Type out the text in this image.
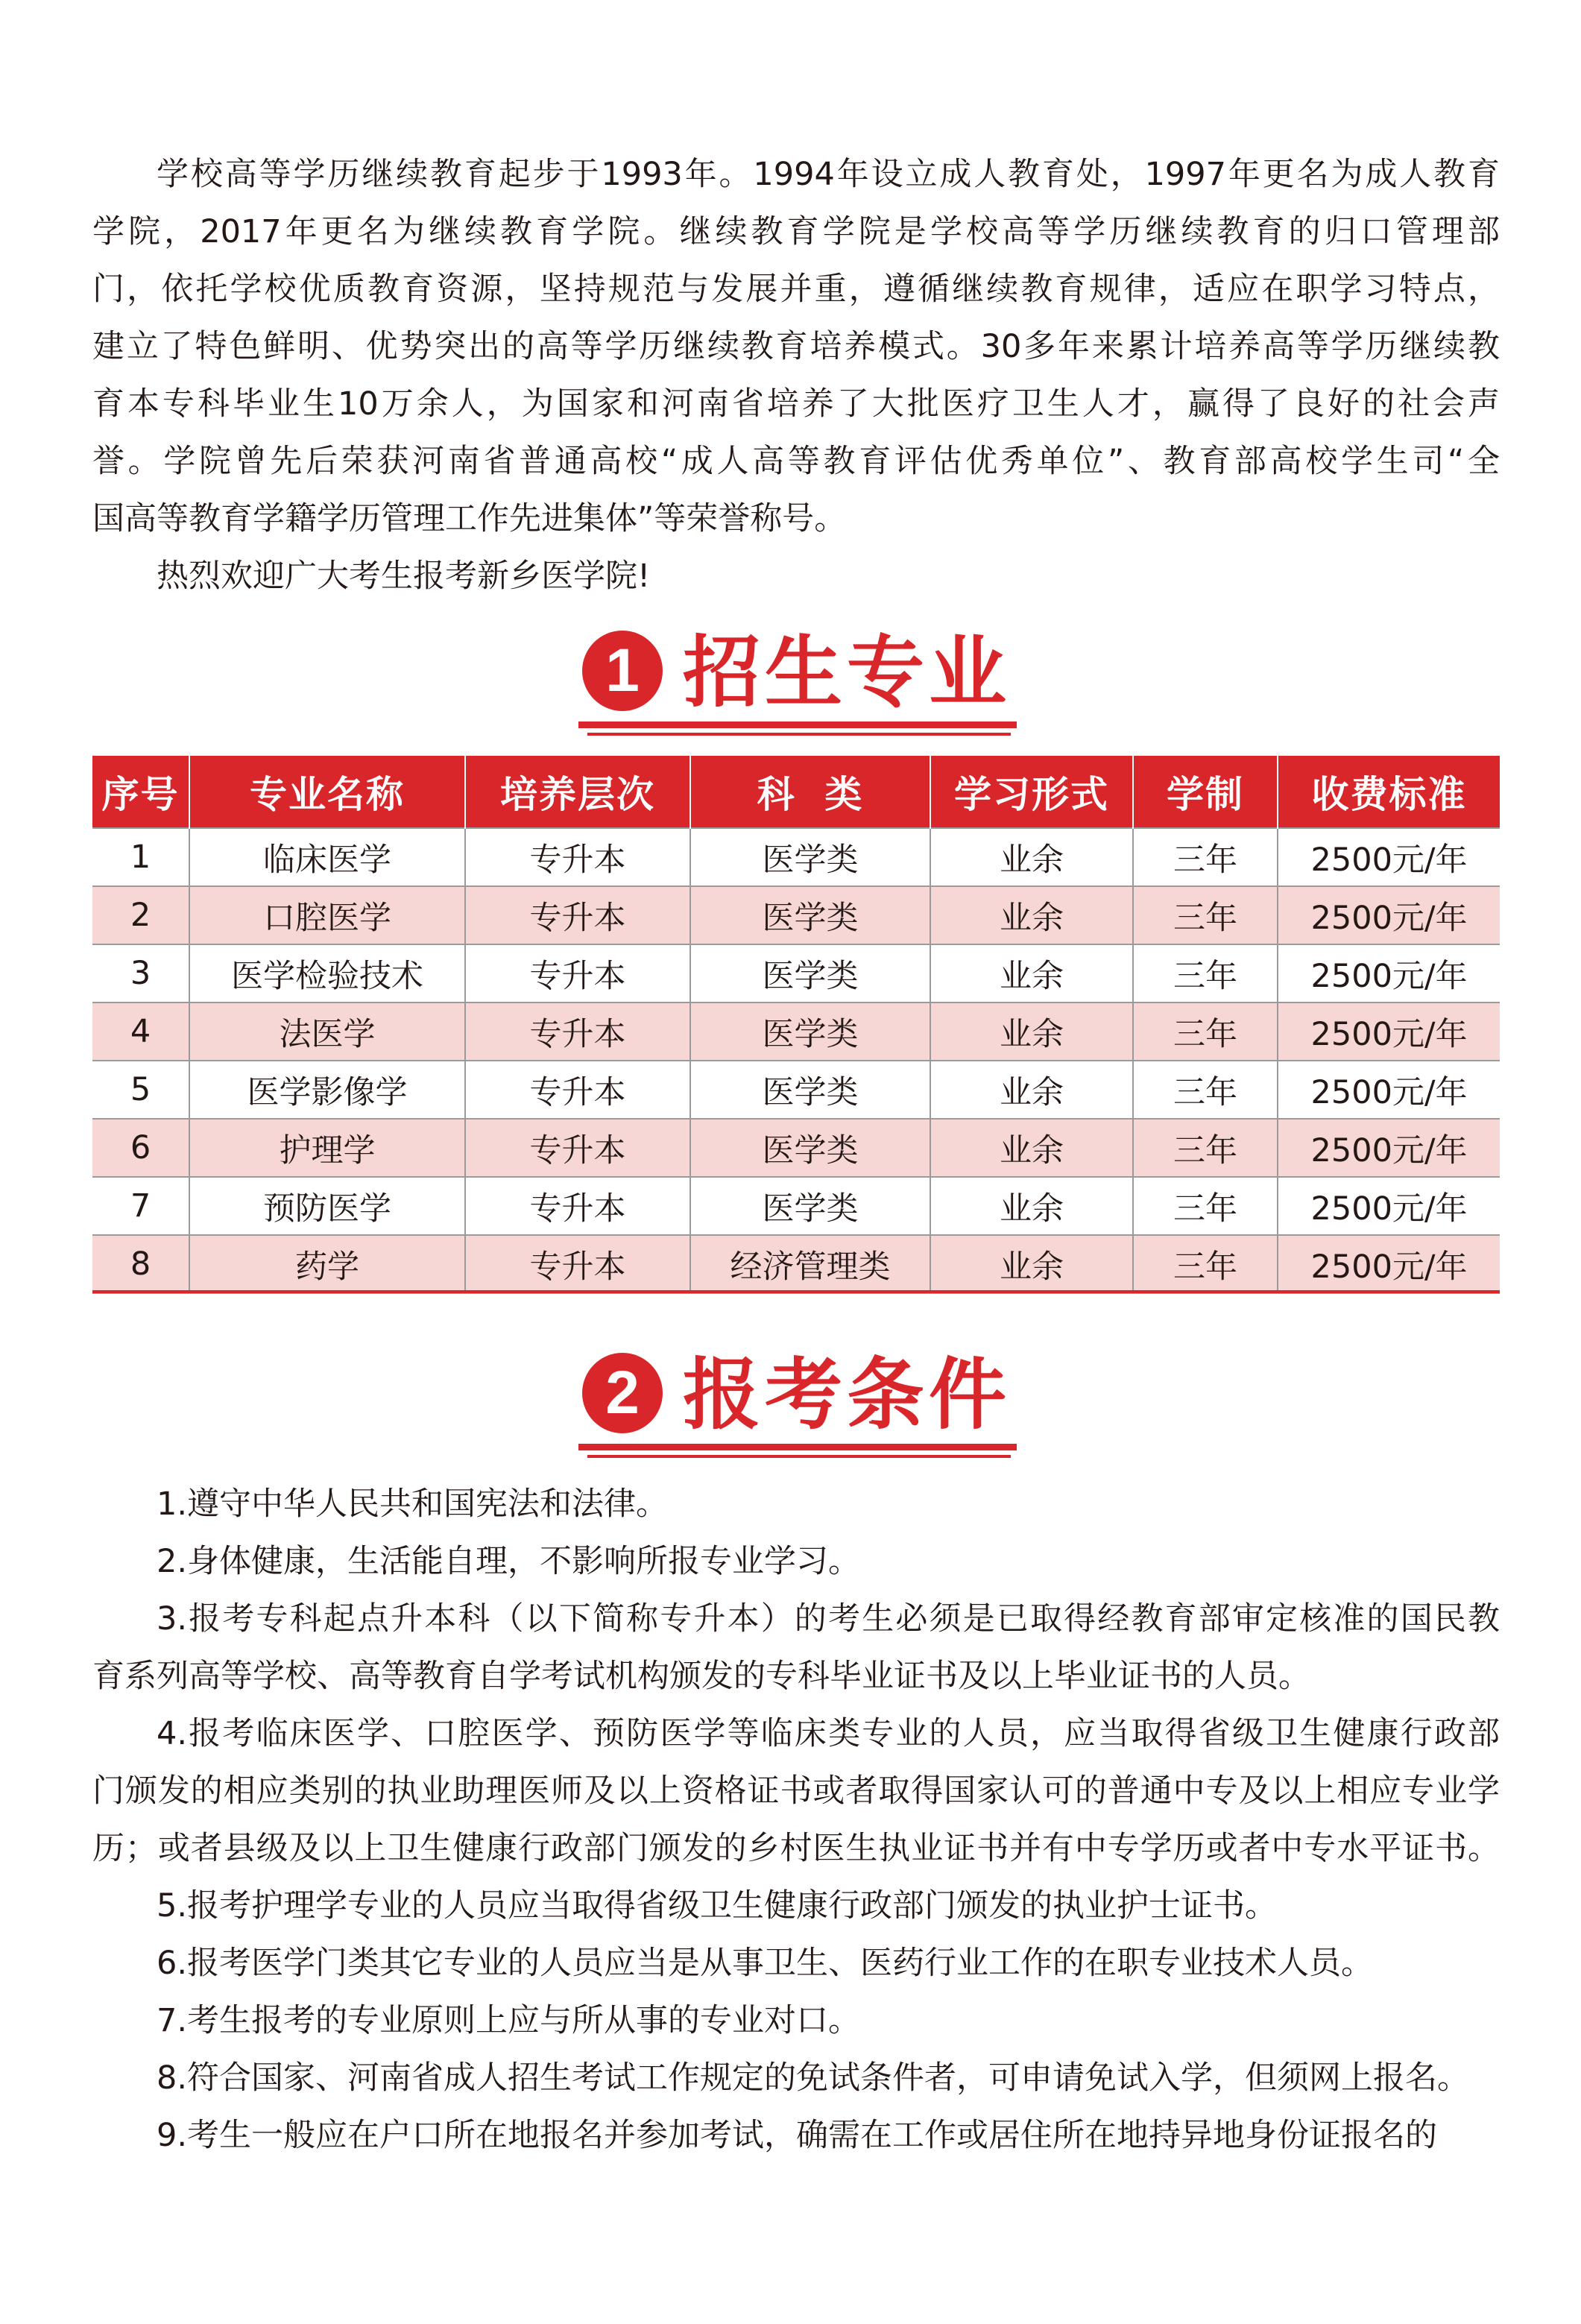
学校高等学历继续教育起步于1993年。1994年设立成人教育处，1997年更名为成人教育
学院，2017年更名为继续教育学院。继续教育学院是学校高等学历继续教育的归口管理部
门，依托学校优质教育资源，坚持规范与发展并重，遵循继续教育规律，适应在职学习特点，
建立了特色鲜明、优势突出的高等学历继续教育培养模式。30多年来累计培养高等学历继续教
育本专科毕业生10万余人，为国家和河南省培养了大批医疗卫生人才，赢得了良好的社会声
誉。学院曾先后荣获河南省普通高校“成人高等教育评估优秀单位”、教育部高校学生司“全
国高等教育学籍学历管理工作先进集体”等荣誉称号。

热烈欢迎广大考生报考新乡医学院!

1 招生专业
序号	专业名称	培养层次	科  类	学习形式	学制	收费标准
1	临床医学	专升本	医学类	业余	三年	2500元/年
2	口腔医学	专升本	医学类	业余	三年	2500元/年
3	医学检验技术	专升本	医学类	业余	三年	2500元/年
4	法医学	专升本	医学类	业余	三年	2500元/年
5	医学影像学	专升本	医学类	业余	三年	2500元/年
6	护理学	专升本	医学类	业余	三年	2500元/年
7	预防医学	专升本	医学类	业余	三年	2500元/年
8	药学	专升本	经济管理类	业余	三年	2500元/年
2 报考条件

1.遵守中华人民共和国宪法和法律。

2.身体健康，生活能自理，不影响所报专业学习。

3.报考专科起点升本科（以下简称专升本）的考生必须是已取得经教育部审定核准的国民教
育系列高等学校、高等教育自学考试机构颁发的专科毕业证书及以上毕业证书的人员。

4.报考临床医学、口腔医学、预防医学等临床类专业的人员，应当取得省级卫生健康行政部
门颁发的相应类别的执业助理医师及以上资格证书或者取得国家认可的普通中专及以上相应专业学
历；或者县级及以上卫生健康行政部门颁发的乡村医生执业证书并有中专学历或者中专水平证书。

5.报考护理学专业的人员应当取得省级卫生健康行政部门颁发的执业护士证书。

6.报考医学门类其它专业的人员应当是从事卫生、医药行业工作的在职专业技术人员。

7.考生报考的专业原则上应与所从事的专业对口。

8.符合国家、河南省成人招生考试工作规定的免试条件者，可申请免试入学，但须网上报名。

9.考生一般应在户口所在地报名并参加考试，确需在工作或居住所在地持异地身份证报名的
